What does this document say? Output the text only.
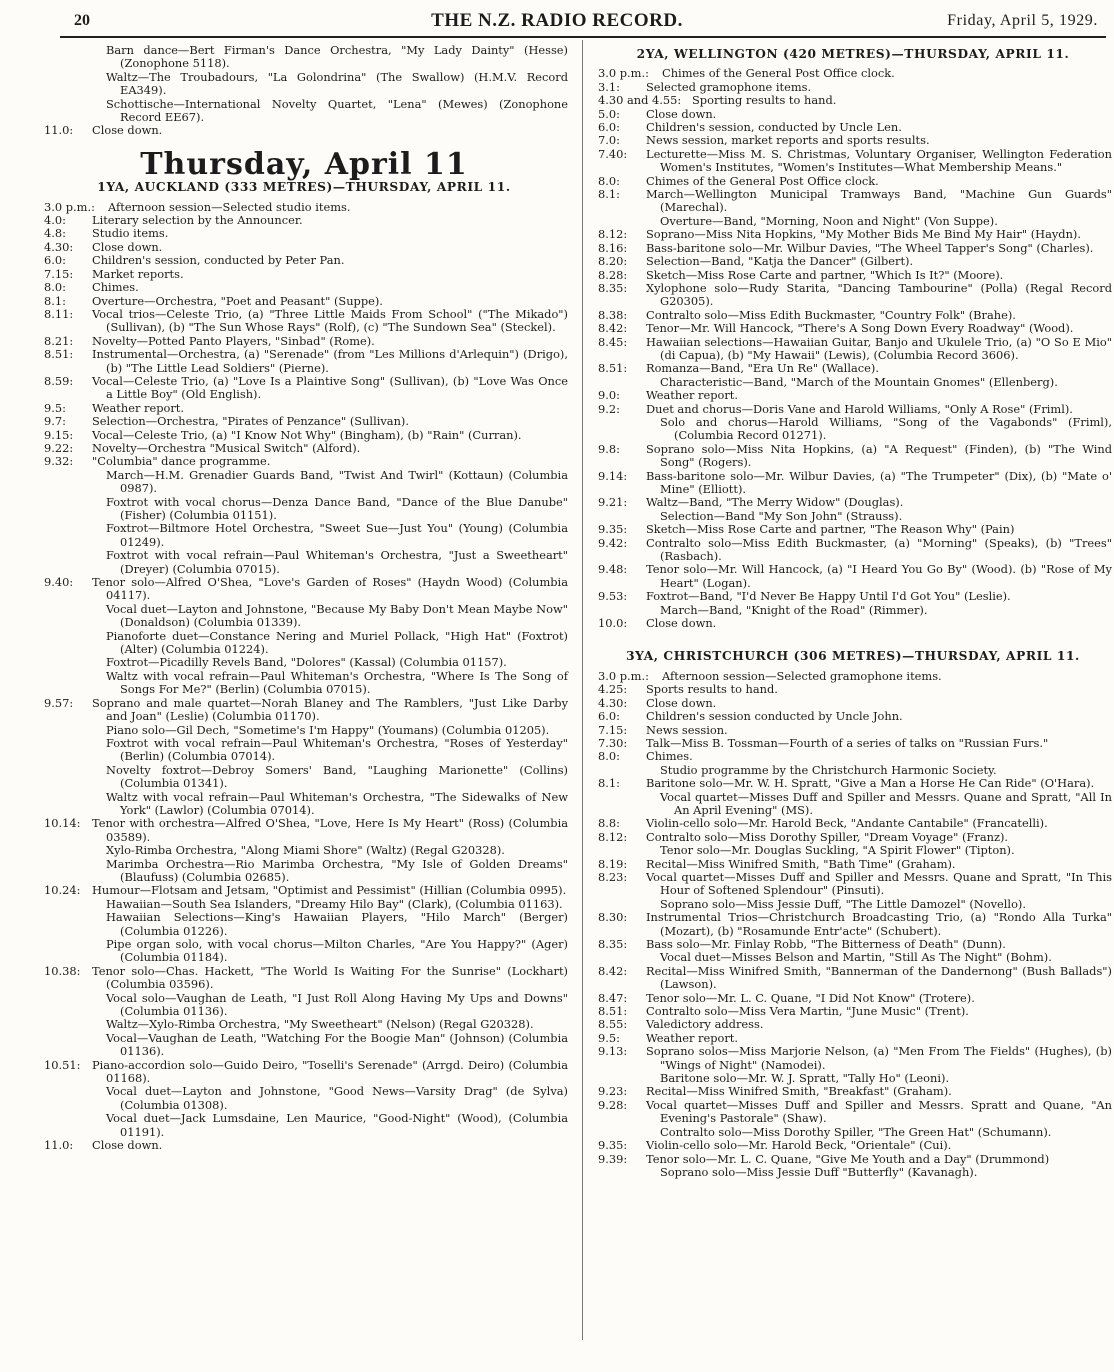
20	THE N.Z. RADIO RECORD.	Friday, April 5, 1929.
Barn dance—Bert Firman's Dance Orchestra, "My Lady Dainty" (Hesse) (Zonophone 5118).
Waltz—The Troubadours, "La Golondrina" (The Swallow) (H.M.V. Record EA349).
Schottische—International Novelty Quartet, "Lena" (Mewes) (Zonophone Record EE67).
11.0: Close down.
Thursday, April 11
1YA, AUCKLAND (333 METRES)—THURSDAY, APRIL 11.
3.0 p.m.:	Afternoon session—Selected studio items.
4.0: Literary selection by the Announcer.
4.8: Studio items.
4.30: Close down.
6.0: Children's session, conducted by Peter Pan.
7.15: Market reports.
8.0: Chimes.
8.1: Overture—Orchestra, "Poet and Peasant" (Suppe).
8.11: Vocal trios—Celeste Trio, (a) "Three Little Maids From School" ("The Mikado") (Sullivan), (b) "The Sun Whose Rays" (Rolf), (c) "The Sundown Sea" (Steckel).
8.21: Novelty—Potted Panto Players, "Sinbad" (Rome).
8.51: Instrumental—Orchestra, (a) "Serenade" (from "Les Millions d'Arlequin") (Drigo), (b) "The Little Lead Soldiers" (Pierne).
8.59: Vocal—Celeste Trio, (a) "Love Is a Plaintive Song" (Sullivan), (b) "Love Was Once a Little Boy" (Old English).
9.5: Weather report.
9.7: Selection—Orchestra, "Pirates of Penzance" (Sullivan).
9.15: Vocal—Celeste Trio, (a) "I Know Not Why" (Bingham), (b) "Rain" (Curran).
9.22: Novelty—Orchestra "Musical Switch" (Alford).
9.32: "Columbia" dance programme.
March—H.M. Grenadier Guards Band, "Twist And Twirl" (Kottaun) (Columbia 0987).
Foxtrot with vocal chorus—Denza Dance Band, "Dance of the Blue Danube" (Fisher) (Columbia 01151).
Foxtrot—Biltmore Hotel Orchestra, "Sweet Sue—Just You" (Young) (Columbia 01249).
Foxtrot with vocal refrain—Paul Whiteman's Orchestra, "Just a Sweetheart" (Dreyer) (Columbia 07015).
9.40: Tenor solo—Alfred O'Shea, "Love's Garden of Roses" (Haydn Wood) (Columbia 04117).
Vocal duet—Layton and Johnstone, "Because My Baby Don't Mean Maybe Now" (Donaldson) (Columbia 01339).
Pianoforte duet—Constance Nering and Muriel Pollack, "High Hat" (Foxtrot) (Alter) (Columbia 01224).
Foxtrot—Picadilly Revels Band, "Dolores" (Kassal) (Columbia 01157).
Waltz with vocal refrain—Paul Whiteman's Orchestra, "Where Is The Song of Songs For Me?" (Berlin) (Columbia 07015).
9.57: Soprano and male quartet—Norah Blaney and The Ramblers, "Just Like Darby and Joan" (Leslie) (Columbia 01170).
Piano solo—Gil Dech, "Sometime's I'm Happy" (Youmans) (Columbia 01205).
Foxtrot with vocal refrain—Paul Whiteman's Orchestra, "Roses of Yesterday" (Berlin) (Columbia 07014).
Novelty foxtrot—Debroy Somers' Band, "Laughing Marionette" (Collins) (Columbia 01341).
Waltz with vocal refrain—Paul Whiteman's Orchestra, "The Sidewalks of New York" (Lawlor) (Columbia 07014).
10.14: Tenor with orchestra—Alfred O'Shea, "Love, Here Is My Heart" (Ross) (Columbia 03589).
Xylo-Rimba Orchestra, "Along Miami Shore" (Waltz) (Regal G20328).
Marimba Orchestra—Rio Marimba Orchestra, "My Isle of Golden Dreams" (Blaufuss) (Columbia 02685).
10.24: Humour—Flotsam and Jetsam, "Optimist and Pessimist" (Hillian (Columbia 0995).
Hawaiian—South Sea Islanders, "Dreamy Hilo Bay" (Clark), (Columbia 01163).
Hawaiian Selections—King's Hawaiian Players, "Hilo March" (Berger) (Columbia 01226).
Pipe organ solo, with vocal chorus—Milton Charles, "Are You Happy?" (Ager) (Columbia 01184).
10.38: Tenor solo—Chas. Hackett, "The World Is Waiting For the Sunrise" (Lockhart) (Columbia 03596).
Vocal solo—Vaughan de Leath, "I Just Roll Along Having My Ups and Downs" (Columbia 01136).
Waltz—Xylo-Rimba Orchestra, "My Sweetheart" (Nelson) (Regal G20328).
Vocal—Vaughan de Leath, "Watching For the Boogie Man" (Johnson) (Columbia 01136).
10.51: Piano-accordion solo—Guido Deiro, "Toselli's Serenade" (Arrgd. Deiro) (Columbia 01168).
Vocal duet—Layton and Johnstone, "Good News—Varsity Drag" (de Sylva) (Columbia 01308).
Vocal duet—Jack Lumsdaine, Len Maurice, "Good-Night" (Wood), (Columbia 01191).
11.0: Close down.
2YA, WELLINGTON (420 METRES)—THURSDAY, APRIL 11.
3.0 p.m.:	Chimes of the General Post Office clock.
3.1: Selected gramophone items.
4.30 and 4.55: Sporting results to hand.
5.0: Close down.
6.0: Children's session, conducted by Uncle Len.
7.0: News session, market reports and sports results.
7.40: Lecturette—Miss M. S. Christmas, Voluntary Organiser, Wellington Federation Women's Institutes, "Women's Institutes—What Membership Means."
8.0: Chimes of the General Post Office clock.
8.1: March—Wellington Municipal Tramways Band, "Machine Gun Guards" (Marechal).
Overture—Band, "Morning, Noon and Night" (Von Suppe).
8.12: Soprano—Miss Nita Hopkins, "My Mother Bids Me Bind My Hair" (Haydn).
8.16: Bass-baritone solo—Mr. Wilbur Davies, "The Wheel Tapper's Song" (Charles).
8.20: Selection—Band, "Katja the Dancer" (Gilbert).
8.28: Sketch—Miss Rose Carte and partner, "Which Is It?" (Moore).
8.35: Xylophone solo—Rudy Starita, "Dancing Tambourine" (Polla) (Regal Record G20305).
8.38: Contralto solo—Miss Edith Buckmaster, "Country Folk" (Brahe).
8.42: Tenor—Mr. Will Hancock, "There's A Song Down Every Roadway" (Wood).
8.45: Hawaiian selections—Hawaiian Guitar, Banjo and Ukulele Trio, (a) "O So E Mio" (di Capua), (b) "My Hawaii" (Lewis), (Columbia Record 3606).
8.51: Romanza—Band, "Era Un Re" (Wallace).
Characteristic—Band, "March of the Mountain Gnomes" (Ellenberg).
9.0: Weather report.
9.2: Duet and chorus—Doris Vane and Harold Williams, "Only A Rose" (Friml).
Solo and chorus—Harold Williams, "Song of the Vagabonds" (Friml), (Columbia Record 01271).
9.8: Soprano solo—Miss Nita Hopkins, (a) "A Request" (Finden), (b) "The Wind Song" (Rogers).
9.14: Bass-baritone solo—Mr. Wilbur Davies, (a) "The Trumpeter" (Dix), (b) "Mate o' Mine" (Elliott).
9.21: Waltz—Band, "The Merry Widow" (Douglas).
Selection—Band "My Son John" (Strauss).
9.35: Sketch—Miss Rose Carte and partner, "The Reason Why" (Pain)
9.42: Contralto solo—Miss Edith Buckmaster, (a) "Morning" (Speaks), (b) "Trees" (Rasbach).
9.48: Tenor solo—Mr. Will Hancock, (a) "I Heard You Go By" (Wood). (b) "Rose of My Heart" (Logan).
9.53: Foxtrot—Band, "I'd Never Be Happy Until I'd Got You" (Leslie).
March—Band, "Knight of the Road" (Rimmer).
10.0: Close down.
3YA, CHRISTCHURCH (306 METRES)—THURSDAY, APRIL 11.
3.0 p.m.:	Afternoon session—Selected gramophone items.
4.25: Sports results to hand.
4.30: Close down.
6.0: Children's session conducted by Uncle John.
7.15: News session.
7.30: Talk—Miss B. Tossman—Fourth of a series of talks on "Russian Furs."
8.0: Chimes.
Studio programme by the Christchurch Harmonic Society.
8.1: Baritone solo—Mr. W. H. Spratt, "Give a Man a Horse He Can Ride" (O'Hara).
Vocal quartet—Misses Duff and Spiller and Messrs. Quane and Spratt, "All In An April Evening" (MS).
8.8: Violin-cello solo—Mr. Harold Beck, "Andante Cantabile" (Francatelli).
8.12: Contralto solo—Miss Dorothy Spiller, "Dream Voyage" (Franz).
Tenor solo—Mr. Douglas Suckling, "A Spirit Flower" (Tipton).
8.19: Recital—Miss Winifred Smith, "Bath Time" (Graham).
8.23: Vocal quartet—Misses Duff and Spiller and Messrs. Quane and Spratt, "In This Hour of Softened Splendour" (Pinsuti).
Soprano solo—Miss Jessie Duff, "The Little Damozel" (Novello).
8.30: Instrumental Trios—Christchurch Broadcasting Trio, (a) "Rondo Alla Turka" (Mozart), (b) "Rosamunde Entr'acte" (Schubert).
8.35: Bass solo—Mr. Finlay Robb, "The Bitterness of Death" (Dunn).
Vocal duet—Misses Belson and Martin, "Still As The Night" (Bohm).
8.42: Recital—Miss Winifred Smith, "Bannerman of the Dandernong" (Bush Ballads") (Lawson).
8.47: Tenor solo—Mr. L. C. Quane, "I Did Not Know" (Trotere).
8.51: Contralto solo—Miss Vera Martin, "June Music" (Trent).
8.55: Valedictory address.
9.5: Weather report.
9.13: Soprano solos—Miss Marjorie Nelson, (a) "Men From The Fields" (Hughes), (b) "Wings of Night" (Namodei).
Baritone solo—Mr. W. J. Spratt, "Tally Ho" (Leoni).
9.23: Recital—Miss Winifred Smith, "Breakfast" (Graham).
9.28: Vocal quartet—Misses Duff and Spiller and Messrs. Spratt and Quane, "An Evening's Pastorale" (Shaw).
Contralto solo—Miss Dorothy Spiller, "The Green Hat" (Schumann).
9.35: Violin-cello solo—Mr. Harold Beck, "Orientale" (Cui).
9.39: Tenor solo—Mr. L. C. Quane, "Give Me Youth and a Day" (Drummond)
Soprano solo—Miss Jessie Duff "Butterfly" (Kavanagh).
